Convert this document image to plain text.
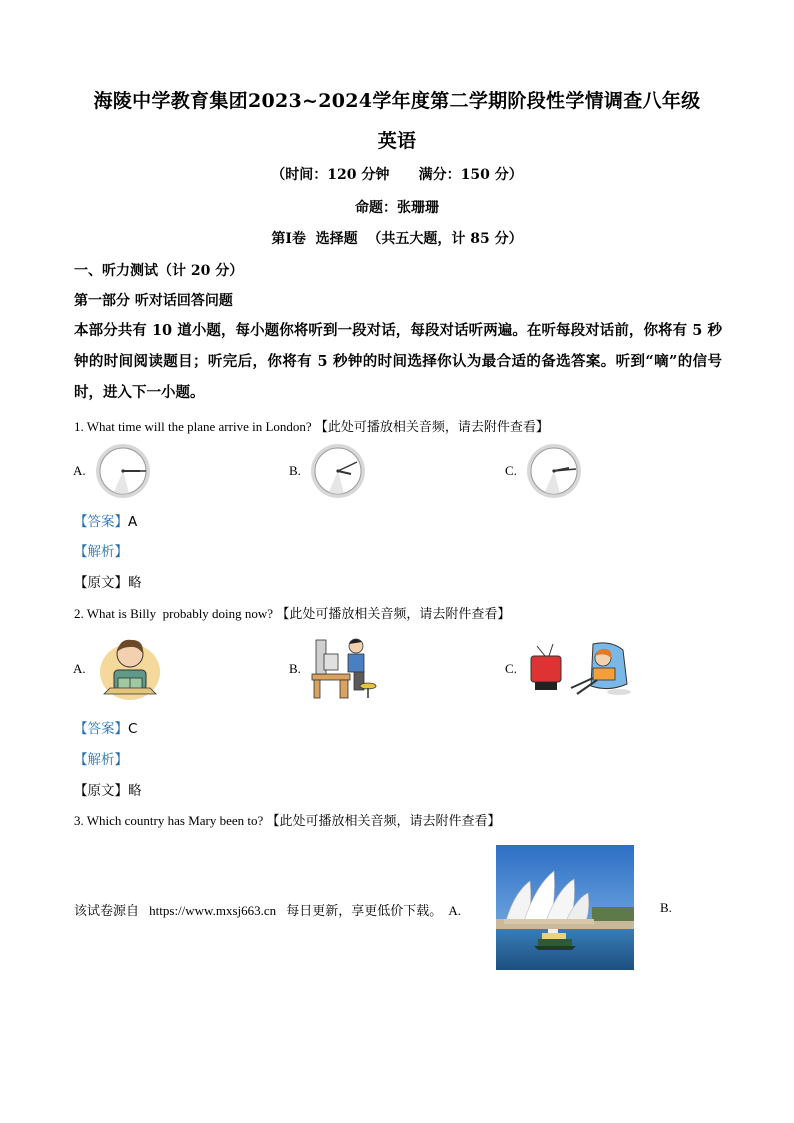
海陵中学教育集团2023~2024学年度第二学期阶段性学情调查八年级
英语
（时间：120 分钟      满分：150 分）
命题：张珊珊
第Ⅰ卷  选择题  （共五大题，计 85 分）
一、听力测试（计 20 分）
第一部分 听对话回答问题
本部分共有 10 道小题，每小题你将听到一段对话，每段对话听两遍。在听每段对话前，你将有 5 秒钟的时间阅读题目；听完后，你将有 5 秒钟的时间选择你认为最合适的备选答案。听到“嘀”的信号时，进入下一小题。
1. What time will the plane arrive in London? 【此处可播放相关音频，请去附件查看】
A.	B.	C.
【答案】A
【解析】
【原文】略
2. What is Billy  probably doing now? 【此处可播放相关音频，请去附件查看】
A.	B.	C.
【答案】C
【解析】
【原文】略
3. Which country has Mary been to? 【此处可播放相关音频，请去附件查看】
该试卷源自 https://www.mxsj663.cn 每日更新，享更低价下载。 A.	B.
